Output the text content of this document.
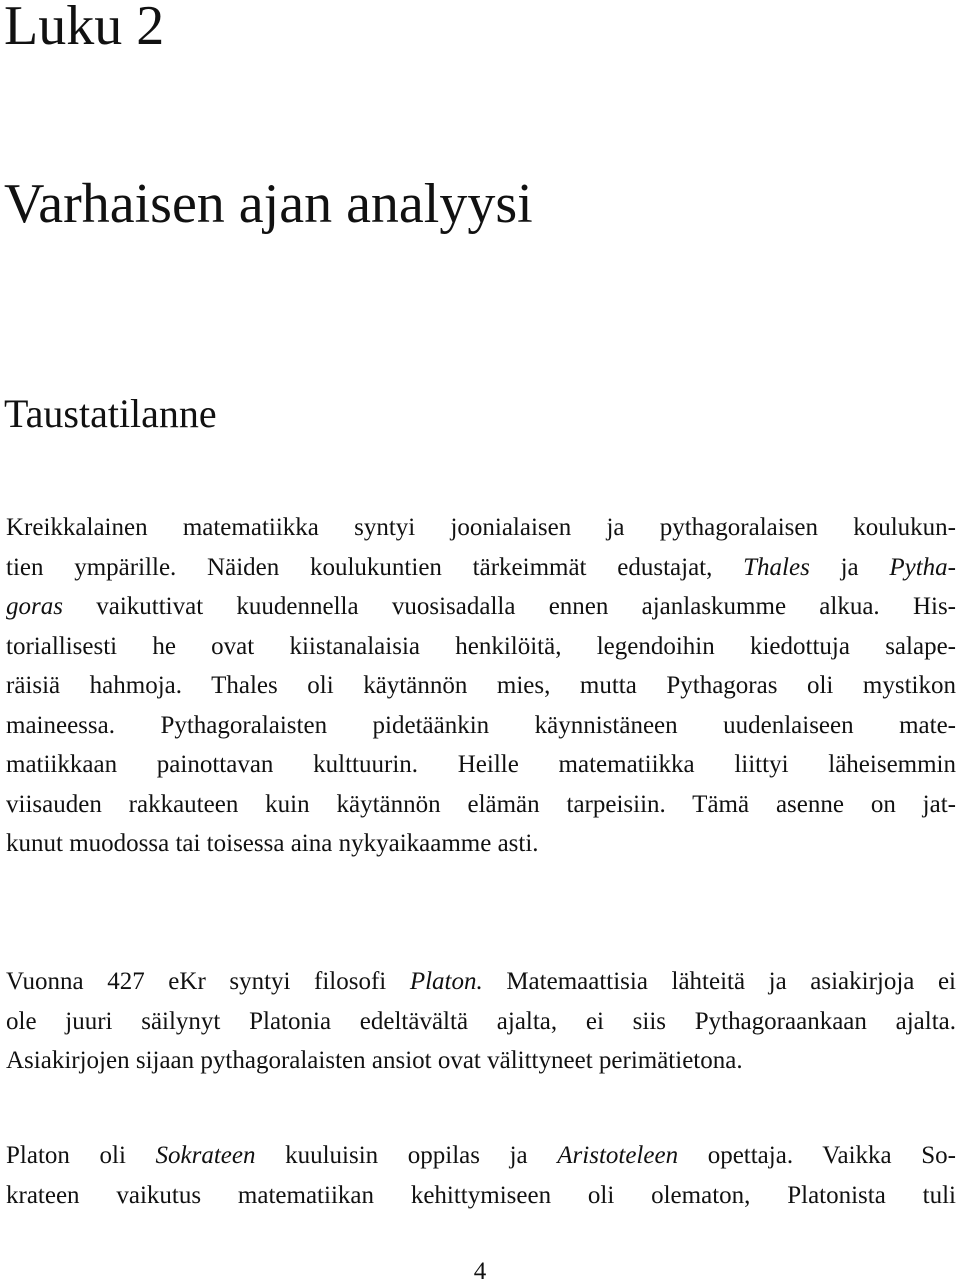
Luku 2
Varhaisen ajan analyysi
Taustatilanne
Kreikkalainen matematiikka syntyi joonialaisen ja pythagoralaisen koulukun-
tien ympärille. Näiden koulukuntien tärkeimmät edustajat, Thales ja Pytha-
goras vaikuttivat kuudennella vuosisadalla ennen ajanlaskumme alkua. His-
toriallisesti he ovat kiistanalaisia henkilöitä, legendoihin kiedottuja salape-
räisiä hahmoja. Thales oli käytännön mies, mutta Pythagoras oli mystikon
maineessa. Pythagoralaisten pidetäänkin käynnistäneen uudenlaiseen mate-
matiikkaan painottavan kulttuurin. Heille matematiikka liittyi läheisemmin
viisauden rakkauteen kuin käytännön elämän tarpeisiin. Tämä asenne on jat-
kunut muodossa tai toisessa aina nykyaikaamme asti.
Vuonna 427 eKr syntyi filosofi Platon. Matemaattisia lähteitä ja asiakirjoja ei
ole juuri säilynyt Platonia edeltävältä ajalta, ei siis Pythagoraankaan ajalta.
Asiakirjojen sijaan pythagoralaisten ansiot ovat välittyneet perimätietona.
Platon oli Sokrateen kuuluisin oppilas ja Aristoteleen opettaja. Vaikka So-
krateen vaikutus matematiikan kehittymiseen oli olematon, Platonista tuli
4
